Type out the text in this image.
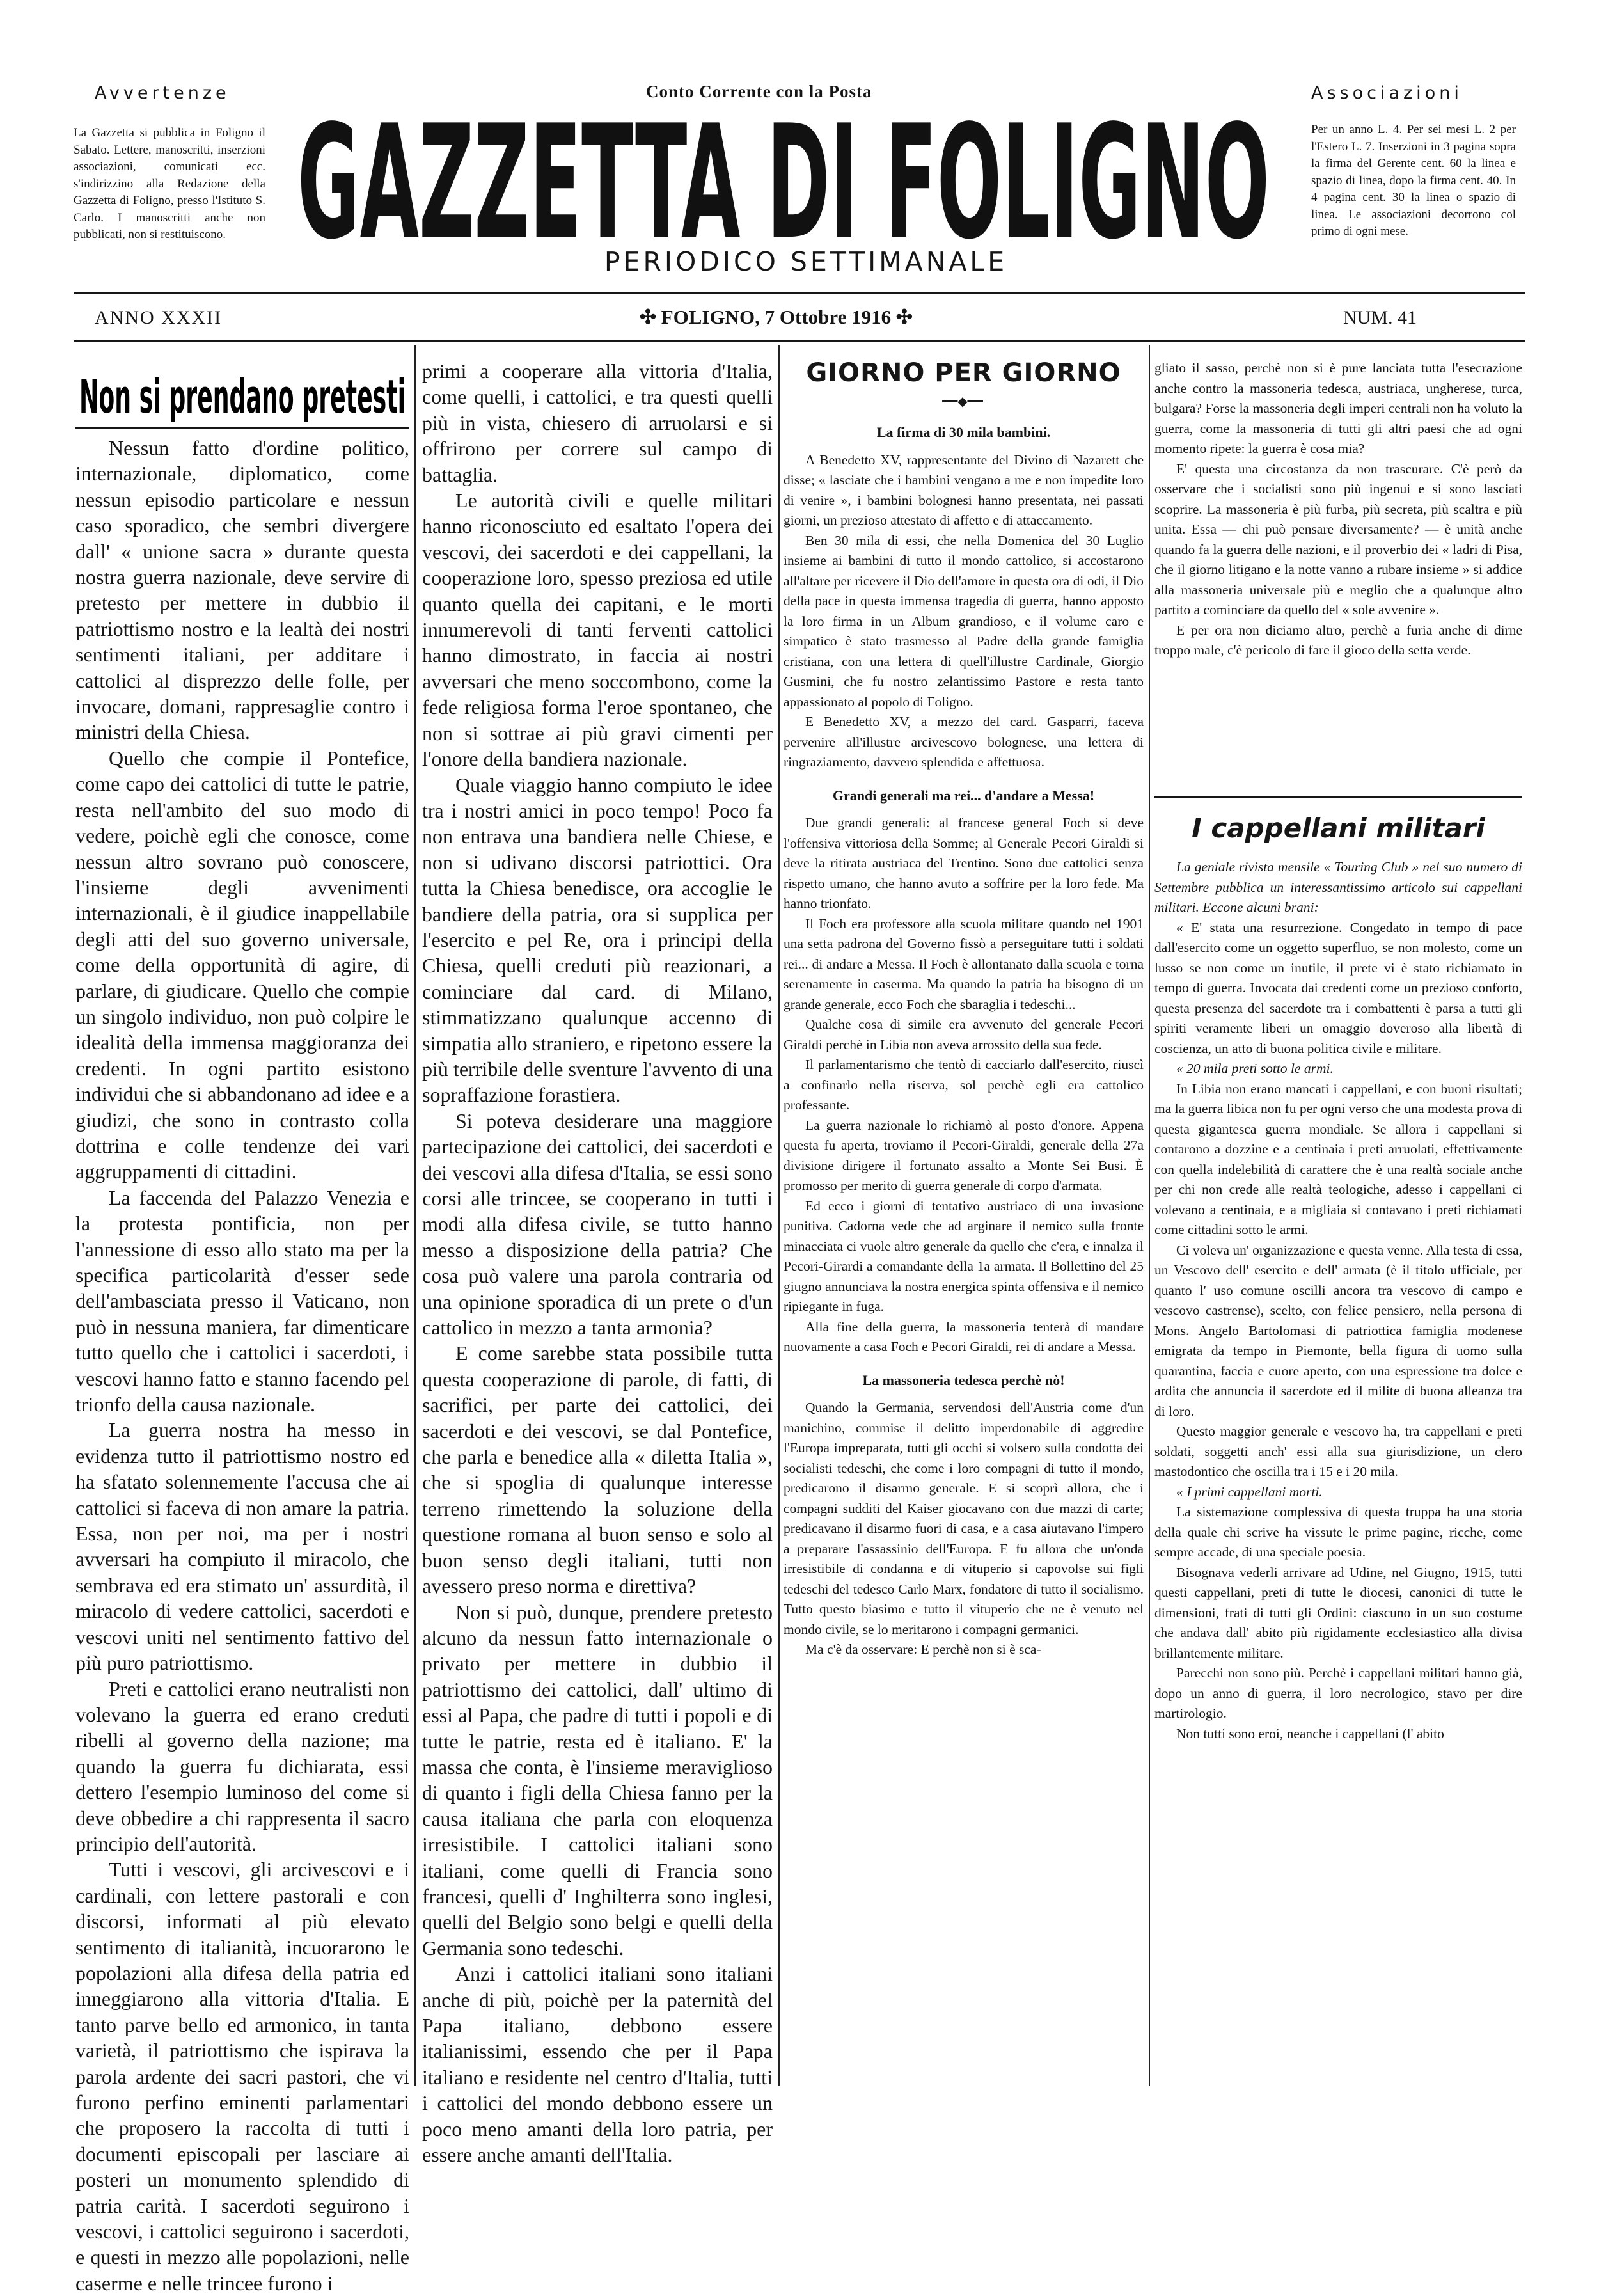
Avvertenze	Conto Corrente con la Posta	Associazioni
La Gazzetta si pubblica in Foligno il Sabato. Lettere, manoscritti, inserzioni associazioni, comunicati ecc. s'indirizzino alla Redazione della Gazzetta di Foligno, presso l'Istituto S. Carlo. I manoscritti anche non pubblicati, non si restituiscono.
Per un anno L. 4. Per sei mesi L. 2 per l'Estero L. 7. Inserzioni in 3 pagina sopra la firma del Gerente cent. 60 la linea e spazio di linea, dopo la firma cent. 40. In 4 pagina cent. 30 la linea o spazio di linea. Le associazioni decorrono col primo di ogni mese.
GAZZETTA DI FOLIGNO
PERIODICO SETTIMANALE
ANNO XXXII	✣ FOLIGNO, 7 Ottobre 1916 ✣	NUM. 41
Non si prendano pretesti

Nessun fatto d'ordine politico, internazionale, diplomatico, come nessun episodio particolare e nessun caso sporadico, che sembri divergere dall' « unione sacra » durante questa nostra guerra nazionale, deve servire di pretesto per mettere in dubbio il patriottismo nostro e la lealtà dei nostri sentimenti italiani, per additare i cattolici al disprezzo delle folle, per invocare, domani, rappresaglie contro i ministri della Chiesa.

Quello che compie il Pontefice, come capo dei cattolici di tutte le patrie, resta nell'ambito del suo modo di vedere, poichè egli che conosce, come nessun altro sovrano può conoscere, l'insieme degli avvenimenti internazionali, è il giudice inappellabile degli atti del suo governo universale, come della opportunità di agire, di parlare, di giudicare. Quello che compie un singolo individuo, non può colpire le idealità della immensa maggioranza dei credenti. In ogni partito esistono individui che si abbandonano ad idee e a giudizi, che sono in contrasto colla dottrina e colle tendenze dei vari aggruppamenti di cittadini.

La faccenda del Palazzo Venezia e la protesta pontificia, non per l'annessione di esso allo stato ma per la specifica particolarità d'esser sede dell'ambasciata presso il Vaticano, non può in nessuna maniera, far dimenticare tutto quello che i cattolici i sacerdoti, i vescovi hanno fatto e stanno facendo pel trionfo della causa nazionale.

La guerra nostra ha messo in evidenza tutto il patriottismo nostro ed ha sfatato solennemente l'accusa che ai cattolici si faceva di non amare la patria. Essa, non per noi, ma per i nostri avversari ha compiuto il miracolo, che sembrava ed era stimato un' assurdità, il miracolo di vedere cattolici, sacerdoti e vescovi uniti nel sentimento fattivo del più puro patriottismo.

Preti e cattolici erano neutralisti non volevano la guerra ed erano creduti ribelli al governo della nazione; ma quando la guerra fu dichiarata, essi dettero l'esempio luminoso del come si deve obbedire a chi rappresenta il sacro principio dell'autorità.

Tutti i vescovi, gli arcivescovi e i cardinali, con lettere pastorali e con discorsi, informati al più elevato sentimento di italianità, incuorarono le popolazioni alla difesa della patria ed inneggiarono alla vittoria d'Italia. E tanto parve bello ed armonico, in tanta varietà, il patriottismo che ispirava la parola ardente dei sacri pastori, che vi furono perfino eminenti parlamentari che proposero la raccolta di tutti i documenti episcopali per lasciare ai posteri un monumento splendido di patria carità. I sacerdoti seguirono i vescovi, i cattolici seguirono i sacerdoti, e questi in mezzo alle popolazioni, nelle caserme e nelle trincee furono i

primi a cooperare alla vittoria d'Italia, come quelli, i cattolici, e tra questi quelli più in vista, chiesero di arruolarsi e si offrirono per correre sul campo di battaglia.

Le autorità civili e quelle militari hanno riconosciuto ed esaltato l'opera dei vescovi, dei sacerdoti e dei cappellani, la cooperazione loro, spesso preziosa ed utile quanto quella dei capitani, e le morti innumerevoli di tanti ferventi cattolici hanno dimostrato, in faccia ai nostri avversari che meno soccombono, come la fede religiosa forma l'eroe spontaneo, che non si sottrae ai più gravi cimenti per l'onore della bandiera nazionale.

Quale viaggio hanno compiuto le idee tra i nostri amici in poco tempo! Poco fa non entrava una bandiera nelle Chiese, e non si udivano discorsi patriottici. Ora tutta la Chiesa benedisce, ora accoglie le bandiere della patria, ora si supplica per l'esercito e pel Re, ora i principi della Chiesa, quelli creduti più reazionari, a cominciare dal card. di Milano, stimmatizzano qualunque accenno di simpatia allo straniero, e ripetono essere la più terribile delle sventure l'avvento di una sopraffazione forastiera.

Si poteva desiderare una maggiore partecipazione dei cattolici, dei sacerdoti e dei vescovi alla difesa d'Italia, se essi sono corsi alle trincee, se cooperano in tutti i modi alla difesa civile, se tutto hanno messo a disposizione della patria? Che cosa può valere una parola contraria od una opinione sporadica di un prete o d'un cattolico in mezzo a tanta armonia?

E come sarebbe stata possibile tutta questa cooperazione di parole, di fatti, di sacrifici, per parte dei cattolici, dei sacerdoti e dei vescovi, se dal Pontefice, che parla e benedice alla « diletta Italia », che si spoglia di qualunque interesse terreno rimettendo la soluzione della questione romana al buon senso e solo al buon senso degli italiani, tutti non avessero preso norma e direttiva?

Non si può, dunque, prendere pretesto alcuno da nessun fatto internazionale o privato per mettere in dubbio il patriottismo dei cattolici, dall' ultimo di essi al Papa, che padre di tutti i popoli e di tutte le patrie, resta ed è italiano. E' la massa che conta, è l'insieme meraviglioso di quanto i figli della Chiesa fanno per la causa italiana che parla con eloquenza irresistibile. I cattolici italiani sono italiani, come quelli di Francia sono francesi, quelli d' Inghilterra sono inglesi, quelli del Belgio sono belgi e quelli della Germania sono tedeschi.

Anzi i cattolici italiani sono italiani anche di più, poichè per la paternità del Papa italiano, debbono essere italianissimi, essendo che per il Papa italiano e residente nel centro d'Italia, tutti i cattolici del mondo debbono essere un poco meno amanti della loro patria, per essere anche amanti dell'Italia.

GIORNO PER GIORNO
━━◆━━

La firma di 30 mila bambini.

A Benedetto XV, rappresentante del Divino di Nazarett che disse; « lasciate che i bambini vengano a me e non impedite loro di venire », i bambini bolognesi hanno presentata, nei passati giorni, un prezioso attestato di affetto e di attaccamento.

Ben 30 mila di essi, che nella Domenica del 30 Luglio insieme ai bambini di tutto il mondo cattolico, si accostarono all'altare per ricevere il Dio dell'amore in questa ora di odi, il Dio della pace in questa immensa tragedia di guerra, hanno apposto la loro firma in un Album grandioso, e il volume caro e simpatico è stato trasmesso al Padre della grande famiglia cristiana, con una lettera di quell'illustre Cardinale, Giorgio Gusmini, che fu nostro zelantissimo Pastore e resta tanto appassionato al popolo di Foligno.

E Benedetto XV, a mezzo del card. Gasparri, faceva pervenire all'illustre arcivescovo bolognese, una lettera di ringraziamento, davvero splendida e affettuosa.

Grandi generali ma rei... d'andare a Messa!

Due grandi generali: al francese general Foch si deve l'offensiva vittoriosa della Somme; al Generale Pecori Giraldi si deve la ritirata austriaca del Trentino. Sono due cattolici senza rispetto umano, che hanno avuto a soffrire per la loro fede. Ma hanno trionfato.

Il Foch era professore alla scuola militare quando nel 1901 una setta padrona del Governo fissò a perseguitare tutti i soldati rei... di andare a Messa. Il Foch è allontanato dalla scuola e torna serenamente in caserma. Ma quando la patria ha bisogno di un grande generale, ecco Foch che sbaraglia i tedeschi...

Qualche cosa di simile era avvenuto del generale Pecori Giraldi perchè in Libia non aveva arrossito della sua fede.

Il parlamentarismo che tentò di cacciarlo dall'esercito, riuscì a confinarlo nella riserva, sol perchè egli era cattolico professante.

La guerra nazionale lo richiamò al posto d'onore. Appena questa fu aperta, troviamo il Pecori-Giraldi, generale della 27a divisione dirigere il fortunato assalto a Monte Sei Busi. È promosso per merito di guerra generale di corpo d'armata.

Ed ecco i giorni di tentativo austriaco di una invasione punitiva. Cadorna vede che ad arginare il nemico sulla fronte minacciata ci vuole altro generale da quello che c'era, e innalza il Pecori-Girardi a comandante della 1a armata. Il Bollettino del 25 giugno annunciava la nostra energica spinta offensiva e il nemico ripiegante in fuga.

Alla fine della guerra, la massoneria tenterà di mandare nuovamente a casa Foch e Pecori Giraldi, rei di andare a Messa.

La massoneria tedesca perchè nò!

Quando la Germania, servendosi dell'Austria come d'un manichino, commise il delitto imperdonabile di aggredire l'Europa impreparata, tutti gli occhi si volsero sulla condotta dei socialisti tedeschi, che come i loro compagni di tutto il mondo, predicarono il disarmo generale. E si scoprì allora, che i compagni sudditi del Kaiser giocavano con due mazzi di carte; predicavano il disarmo fuori di casa, e a casa aiutavano l'impero a preparare l'assassinio dell'Europa. E fu allora che un'onda irresistibile di condanna e di vituperio si capovolse sui figli tedeschi del tedesco Carlo Marx, fondatore di tutto il socialismo. Tutto questo biasimo e tutto il vituperio che ne è venuto nel mondo civile, se lo meritarono i compagni germanici.

Ma c'è da osservare: E perchè non si è sca-

gliato il sasso, perchè non si è pure lanciata tutta l'esecrazione anche contro la massoneria tedesca, austriaca, ungherese, turca, bulgara? Forse la massoneria degli imperi centrali non ha voluto la guerra, come la massoneria di tutti gli altri paesi che ad ogni momento ripete: la guerra è cosa mia?

E' questa una circostanza da non trascurare. C'è però da osservare che i socialisti sono più ingenui e si sono lasciati scoprire. La massoneria è più furba, più secreta, più scaltra e più unita. Essa — chi può pensare diversamente? — è unità anche quando fa la guerra delle nazioni, e il proverbio dei « ladri di Pisa, che il giorno litigano e la notte vanno a rubare insieme » si addice alla massoneria universale più e meglio che a qualunque altro partito a cominciare da quello del « sole avvenire ».

E per ora non diciamo altro, perchè a furia anche di dirne troppo male, c'è pericolo di fare il gioco della setta verde.

I cappellani militari

La geniale rivista mensile « Touring Club » nel suo numero di Settembre pubblica un interessantissimo articolo sui cappellani militari. Eccone alcuni brani:

« E' stata una resurrezione. Congedato in tempo di pace dall'esercito come un oggetto superfluo, se non molesto, come un lusso se non come un inutile, il prete vi è stato richiamato in tempo di guerra. Invocata dai credenti come un prezioso conforto, questa presenza del sacerdote tra i combattenti è parsa a tutti gli spiriti veramente liberi un omaggio doveroso alla libertà di coscienza, un atto di buona politica civile e militare.

« 20 mila preti sotto le armi.

In Libia non erano mancati i cappellani, e con buoni risultati; ma la guerra libica non fu per ogni verso che una modesta prova di questa gigantesca guerra mondiale. Se allora i cappellani si contarono a dozzine e a centinaia i preti arruolati, effettivamente con quella indelebilità di carattere che è una realtà sociale anche per chi non crede alle realtà teologiche, adesso i cappellani ci volevano a centinaia, e a migliaia si contavano i preti richiamati come cittadini sotto le armi.

Ci voleva un' organizzazione e questa venne. Alla testa di essa, un Vescovo dell' esercito e dell' armata (è il titolo ufficiale, per quanto l' uso comune oscilli ancora tra vescovo di campo e vescovo castrense), scelto, con felice pensiero, nella persona di Mons. Angelo Bartolomasi di patriottica famiglia modenese emigrata da tempo in Piemonte, bella figura di uomo sulla quarantina, faccia e cuore aperto, con una espressione tra dolce e ardita che annuncia il sacerdote ed il milite di buona alleanza tra di loro.

Questo maggior generale e vescovo ha, tra cappellani e preti soldati, soggetti anch' essi alla sua giurisdizione, un clero mastodontico che oscilla tra i 15 e i 20 mila.

« I primi cappellani morti.

La sistemazione complessiva di questa truppa ha una storia della quale chi scrive ha vissute le prime pagine, ricche, come sempre accade, di una speciale poesia.

Bisognava vederli arrivare ad Udine, nel Giugno, 1915, tutti questi cappellani, preti di tutte le diocesi, canonici di tutte le dimensioni, frati di tutti gli Ordini: ciascuno in un suo costume che andava dall' abito più rigidamente ecclesiastico alla divisa brillantemente militare.

Parecchi non sono più. Perchè i cappellani militari hanno già, dopo un anno di guerra, il loro necrologico, stavo per dire martirologio.

Non tutti sono eroi, neanche i cappellani (l' abito
